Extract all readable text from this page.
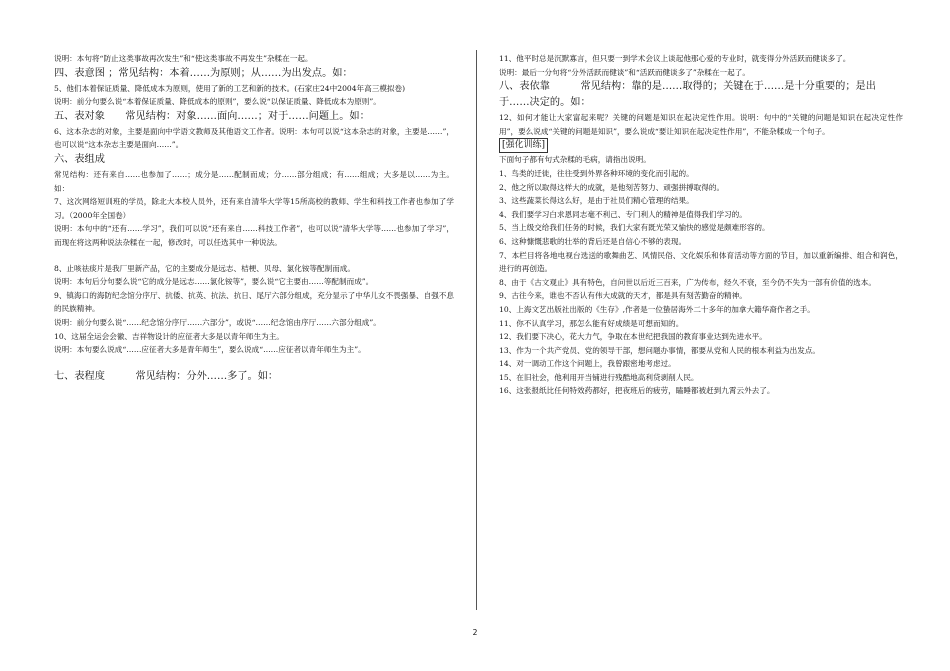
说明：本句将“防止这类事故再次发生”和“使这类事故不再发生”杂糅在一起。

四、表意图 ；常见结构：本着……为原则；从……为出发点。如：

5、他们本着保证质量、降低成本为原则，使用了新的工艺和新的技术。(石家庄24中2004年高三模拟卷)

说明：前分句要么说“本着保证质量、降低成本的原则”，要么说“以保证质量、降低成本为原则”。

五、表对象　　常见结构：对象……面向……；对于……问题上。如：

6、这本杂志的对象，主要是面向中学语文教师及其他语文工作者。说明：本句可以说“这本杂志的对象，主要是……”，也可以说“这本杂志主要是面向……”。

六、表组成

常见结构：还有来自……也参加了……；成分是……配制而成；分……部分组成；有……组成；大多是以……为主。如：

7、这次网络短训班的学员，除北大本校人员外，还有来自清华大学等15所高校的教师、学生和科技工作者也参加了学习。（2000年全国卷）

说明：本句中的“还有……学习”，我们可以说“还有来自……科技工作者”，也可以说“清华大学等……也参加了学习”，而现在将这两种说法杂糅在一起，修改时，可以任选其中一种说法。

8、止咳祛痰片是我厂里新产品，它的主要成分是远志、桔梗、贝母、氯化铵等配制而成。

说明：本句后分句要么说“它的成分是远志……氯化铵等”，要么说“它主要由……等配制而成”。

9、镇海口的海防纪念馆分序厅、抗倭、抗英、抗法、抗日、尾厅六部分组成，充分显示了中华儿女不畏强暴、自强不息的民族精神。

说明：前分句要么说“……纪念馆分序厅……六部分”，或说“……纪念馆由序厅……六部分组成”。

10、这届全运会会徽、吉祥物设计的应征者大多是以青年师生为主。

说明：本句要么说成“……应征者大多是青年师生”，要么说成“……应征者以青年师生为主”。

七、表程度　　　常见结构：分外……多了。如：

11、他平时总是沉默寡言，但只要一到学术会议上谈起他那心爱的专业时，就变得分外活跃而健谈多了。

说明：最后一分句将“分外活跃而健谈”和“活跃而健谈多了”杂糅在一起了。

八、表依靠　　　常见结构：靠的是……取得的；关键在于……是十分重要的；是出于……决定的。如：

12、如何才能让大家富起来呢？关键的问题是知识在起决定性作用。说明：句中的“关键的问题是知识在起决定性作用”，要么说成“关键的问题是知识”，要么说成“要让知识在起决定性作用”，不能杂糅成一个句子。

[强化训练]

下面句子都有句式杂糅的毛病，请指出说明。

1、鸟类的迁徙，往往受到外界各种环境的变化而引起的。

2、他之所以取得这样大的成就，是他刻苦努力、顽强拼搏取得的。

3、这些蔬菜长得这么好，是由于社员们精心管理的结果。

4、我们要学习白求恩同志毫不利己、专门利人的精神是值得我们学习的。

5、当上级交给我们任务的时候，我们大家有既光荣又愉快的感觉是颇难形容的。

6、这种慷慨悲歌的壮举的背后还是自信心不够的表现。

7、本栏目将各地电视台选送的歌舞曲艺、风情民俗、文化娱乐和体育活动等方面的节目，加以重新编排、组合和润色，进行的再创造。

8、由于《古文观止》具有特色，自问世以后近三百来，广为传布，经久不衰，至今仍不失为一部有价值的选本。

9、古往今来，谁也不否认有伟大成就的天才，都是具有刻苦勤奋的精神。

10、上海文艺出版社出版的《生存》,作者是一位蛰居海外二十多年的加拿大籍华裔作者之手。

11、你不认真学习，那怎么能有好成绩是可想而知的。

12、我们要下决心，花大力气，争取在本世纪把我国的教育事业达到先进水平。

13、作为一个共产党员、党的领导干部，想问题办事情，都要从党和人民的根本利益为出发点。

14、对一调动工作这个问题上，我曾跟密地考虑过。

15、在旧社会，他利用开当铺进行残酷地高利贷剥削人民。

16、这张报纸比任何特效药都好，把夜班后的疲劳，瞌睡都被赶到九霄云外去了。

2
